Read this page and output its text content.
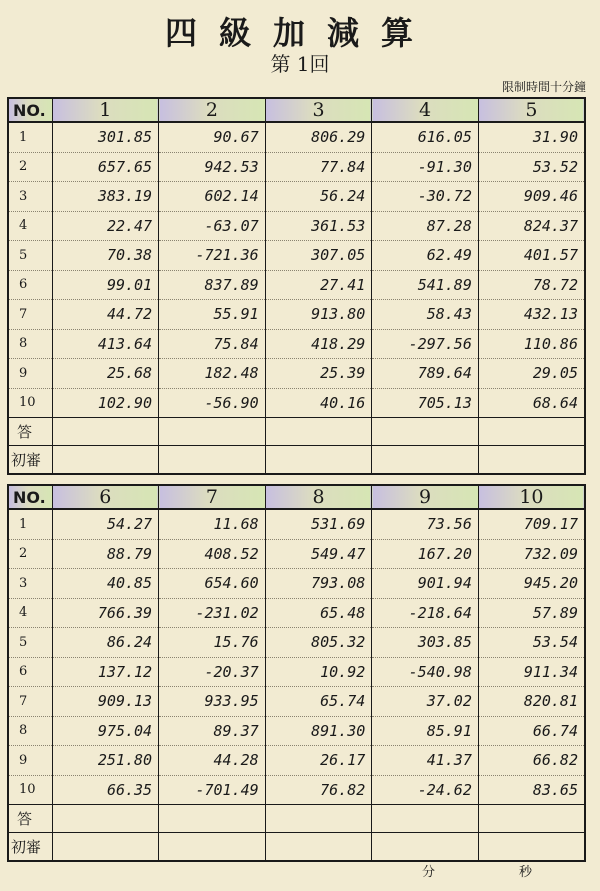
四級加減算
第 1回
限制時間十分鐘
NO.	1	2	3	4	5
1	301.85	90.67	806.29	616.05	31.90
2	657.65	942.53	77.84	-91.30	53.52
3	383.19	602.14	56.24	-30.72	909.46
4	22.47	-63.07	361.53	87.28	824.37
5	70.38	-721.36	307.05	62.49	401.57
6	99.01	837.89	27.41	541.89	78.72
7	44.72	55.91	913.80	58.43	432.13
8	413.64	75.84	418.29	-297.56	110.86
9	25.68	182.48	25.39	789.64	29.05
10	102.90	-56.90	40.16	705.13	68.64
答					
初審					
NO.	6	7	8	9	10
1	54.27	11.68	531.69	73.56	709.17
2	88.79	408.52	549.47	167.20	732.09
3	40.85	654.60	793.08	901.94	945.20
4	766.39	-231.02	65.48	-218.64	57.89
5	86.24	15.76	805.32	303.85	53.54
6	137.12	-20.37	10.92	-540.98	911.34
7	909.13	933.95	65.74	37.02	820.81
8	975.04	89.37	891.30	85.91	66.74
9	251.80	44.28	26.17	41.37	66.82
10	66.35	-701.49	76.82	-24.62	83.65
答					
初審					
分	秒
